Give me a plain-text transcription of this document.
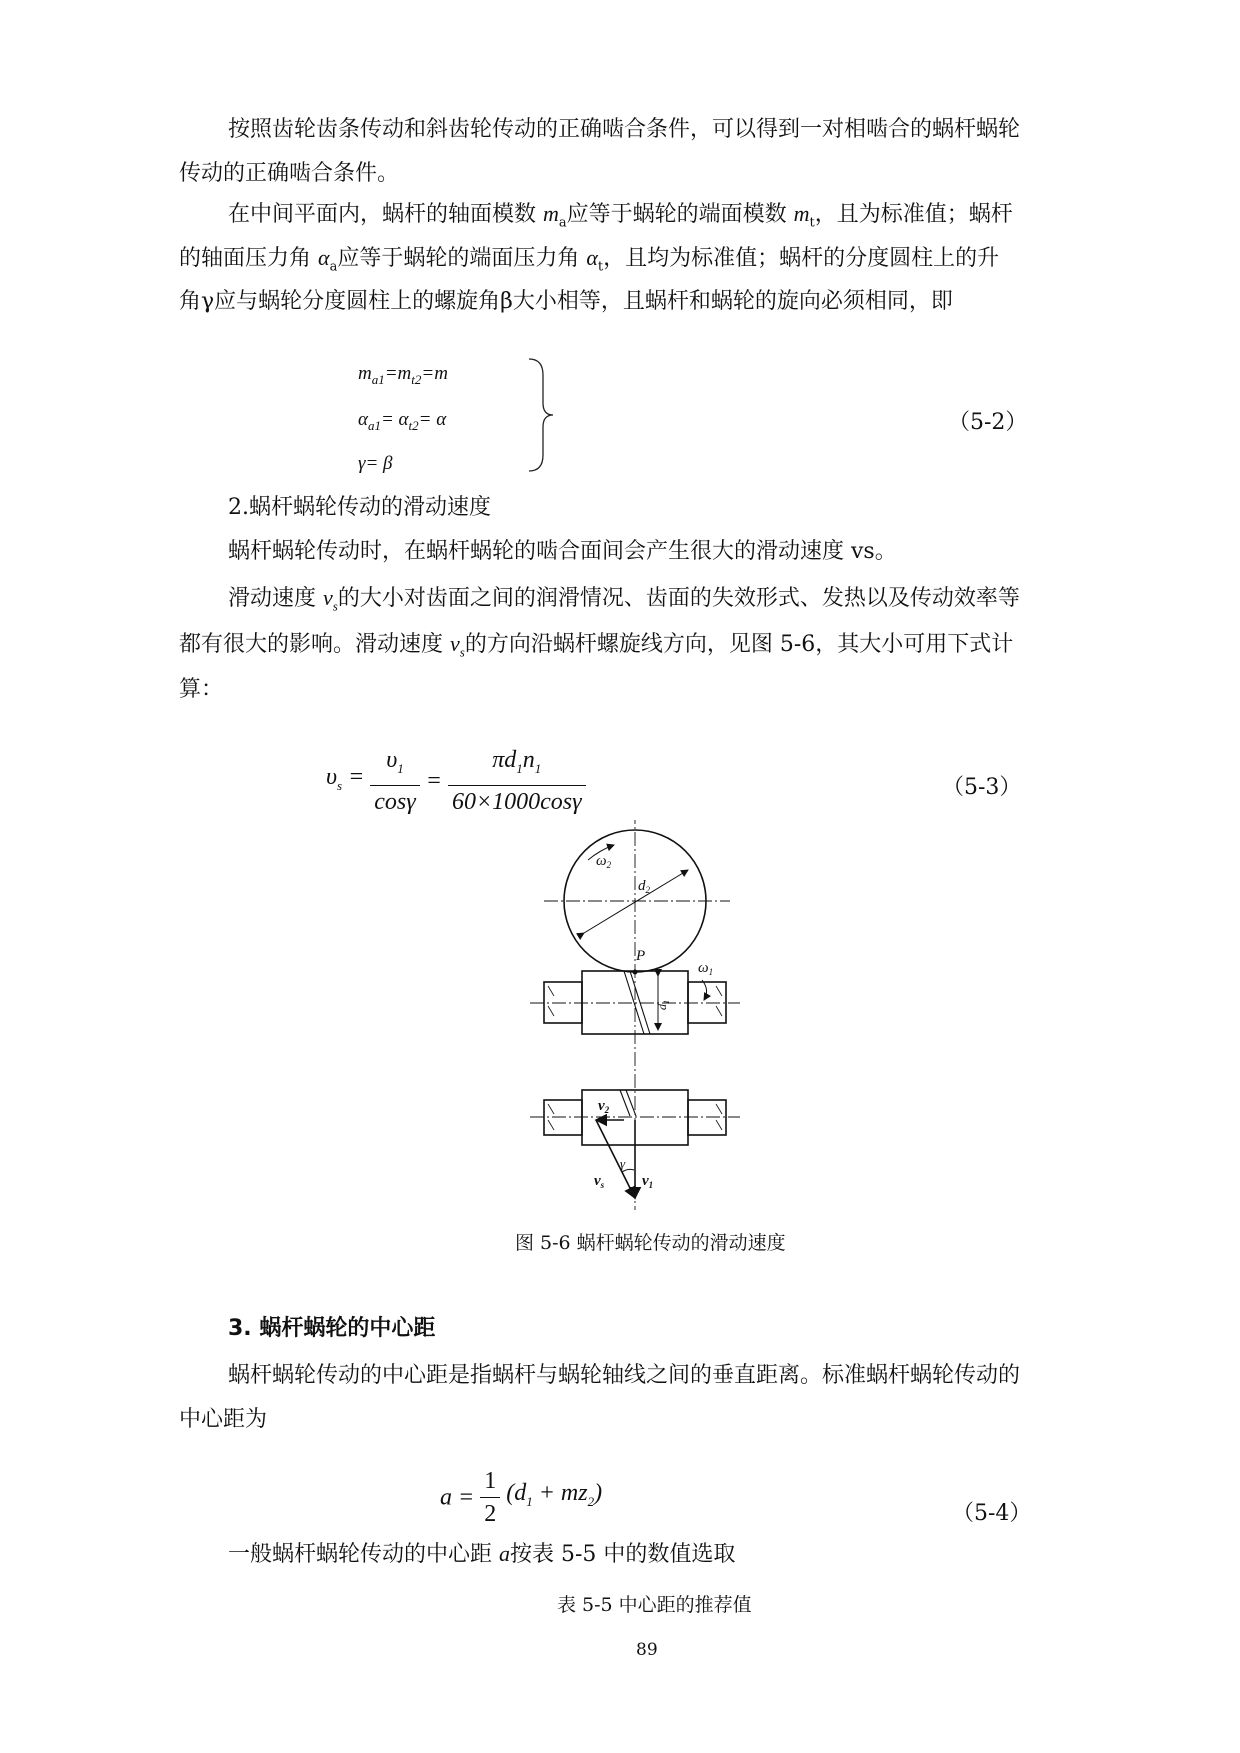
按照齿轮齿条传动和斜齿轮传动的正确啮合条件，可以得到一对相啮合的蜗杆蜗轮
传动的正确啮合条件。
在中间平面内，蜗杆的轴面模数 $m_a$应等于蜗轮的端面模数 $m_t$，且为标准值；蜗杆
的轴面压力角 $\alpha_a$应等于蜗轮的端面压力角 $\alpha_t$，且均为标准值；蜗杆的分度圆柱上的升
角γ应与蜗轮分度圆柱上的螺旋角β大小相等，且蜗杆和蜗轮的旋向必须相同，即
$m_{a1}=m_{t2}=m$
$\alpha_{a1}= \alpha_{t2}= \alpha$
γ= β
（5-2）
2.蜗杆蜗轮传动的滑动速度
蜗杆蜗轮传动时，在蜗杆蜗轮的啮合面间会产生很大的滑动速度 vs。
滑动速度 $v_s$的大小对齿面之间的润滑情况、齿面的失效形式、发热以及传动效率等
都有很大的影响。滑动速度 $v_s$的方向沿蜗杆螺旋线方向，见图 5-6，其大小可用下式计
算：
$\upsilon_s = \frac{\upsilon_1}{\cos\gamma} = \frac{\pi d_1n_1}{60\times 1000\cos\gamma}$	（5-3）
$\omega_2$
$d_2$
P
$\omega_1$
$d_1$
$v_2$
γ
$v_s$	$v_1$
图 5-6 蜗杆蜗轮传动的滑动速度
3. 蜗杆蜗轮的中心距
蜗杆蜗轮传动的中心距是指蜗杆与蜗轮轴线之间的垂直距离。标准蜗杆蜗轮传动的
中心距为
$a = \frac{1}{2} (d_1 + mz_2)$
（5-4）
一般蜗杆蜗轮传动的中心距 a按表 5-5 中的数值选取
表 5-5 中心距的推荐值
89
